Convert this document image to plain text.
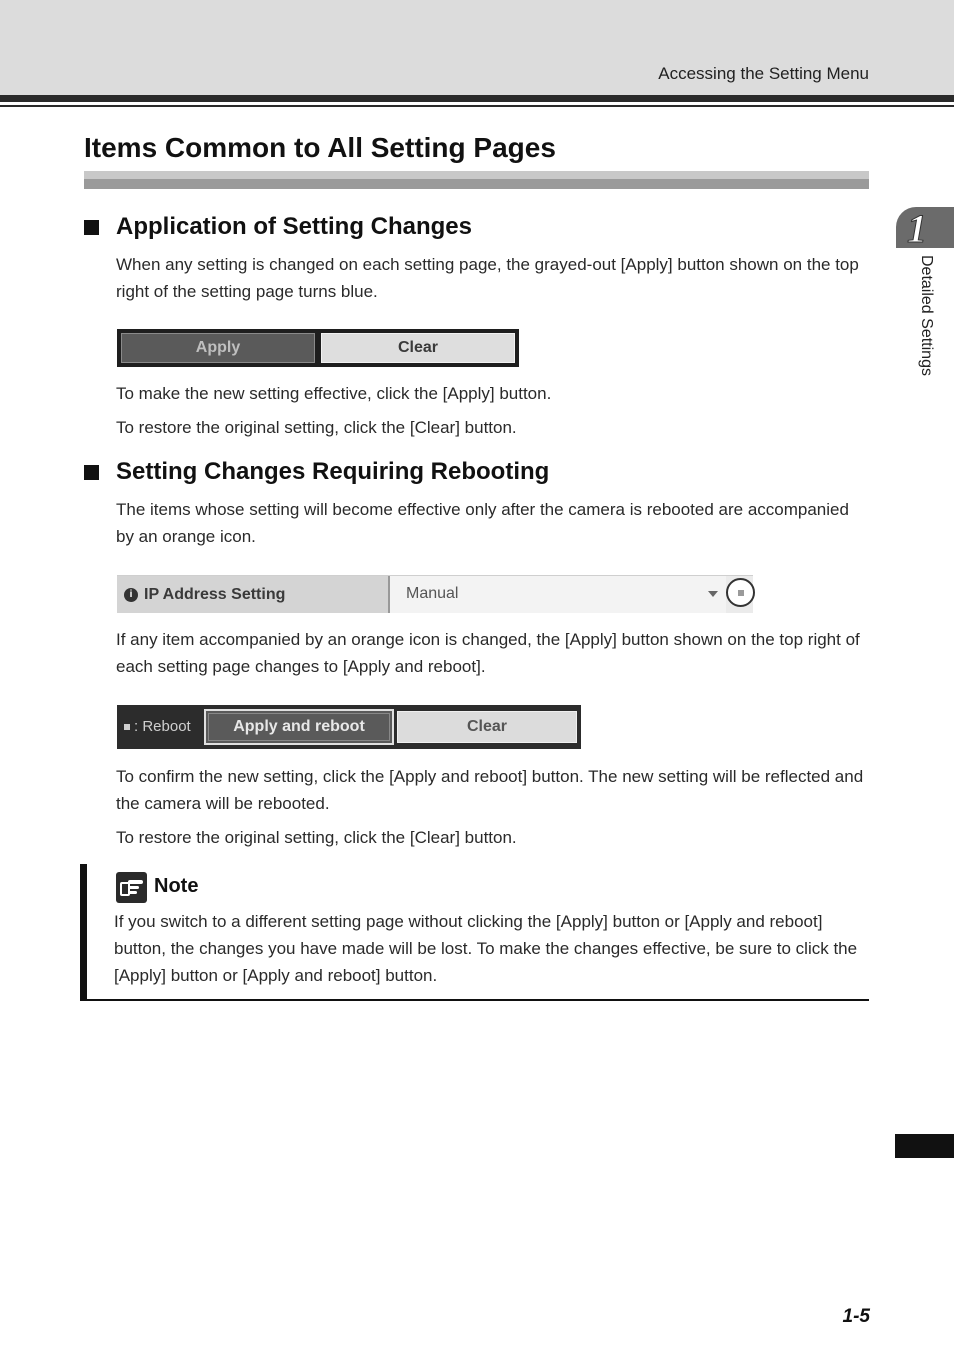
Accessing the Setting Menu
Items Common to All Setting Pages
Application of Setting Changes
When any setting is changed on each setting page, the grayed-out [Apply] button shown on the top right of the setting page turns blue.
Apply	Clear
To make the new setting effective, click the [Apply] button.
To restore the original setting, click the [Clear] button.
Setting Changes Requiring Rebooting
The items whose setting will become effective only after the camera is rebooted are accompanied by an orange icon.
i IP Address Setting	Manual
If any item accompanied by an orange icon is changed, the [Apply] button shown on the top right of each setting page changes to [Apply and reboot].
: Reboot	Apply and reboot	Clear
To confirm the new setting, click the [Apply and reboot] button. The new setting will be reflected and the camera will be rebooted.
To restore the original setting, click the [Clear] button.
Note
If you switch to a different setting page without clicking the [Apply] button or [Apply and reboot] button, the changes you have made will be lost. To make the changes effective, be sure to click the [Apply] button or [Apply and reboot] button.
1
Detailed Settings
1-5
